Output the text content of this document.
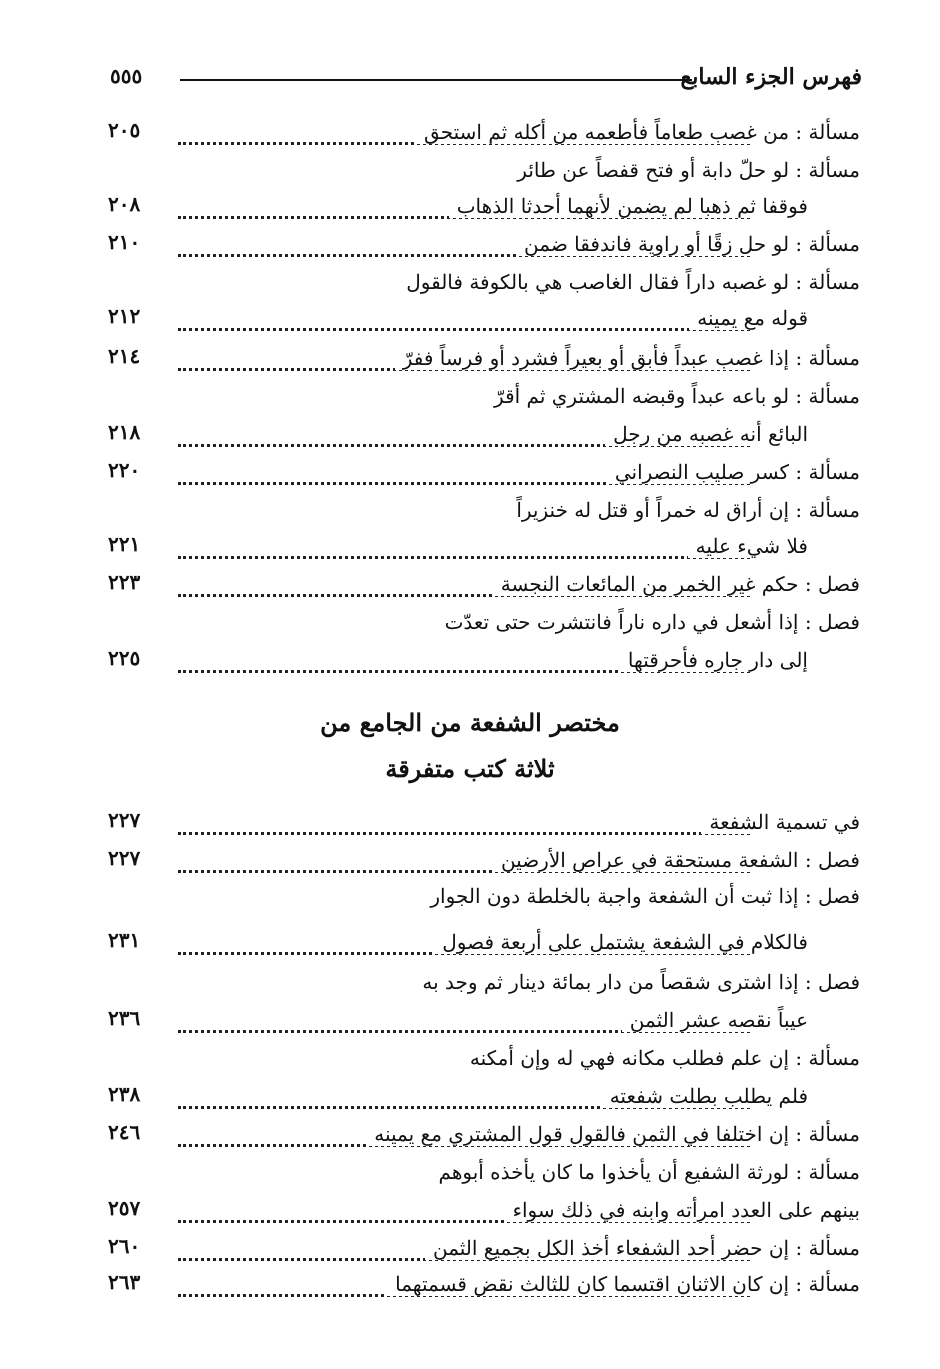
فهرس الجزء السابع
٥٥٥
مسألة : من غصب طعاماً فأطعمه من أكله ثم استحق
٢٠٥
مسألة : لو حلّ دابة أو فتح قفصاً عن طائر
فوقفا ثم ذهبا لم يضمن لأنهما أحدثا الذهاب
٢٠٨
مسألة : لو حل زقًا أو راوية فاندفقا ضمن
٢١٠
مسألة : لو غصبه داراً فقال الغاصب هي بالكوفة فالقول
قوله مع يمينه
٢١٢
مسألة : إذا غصب عبداً فأبق أو بعيراً فشرد أو فرساً ففرّ
٢١٤
مسألة : لو باعه عبداً وقبضه المشتري ثم أقرّ
البائع أنه غصبه من رجل
٢١٨
مسألة : كسر صليب النصراني
٢٢٠
مسألة : إن أراق له خمراً أو قتل له خنزيراً
فلا شيء عليه
٢٢١
فصل : حكم غير الخمر من المائعات النجسة
٢٢٣
فصل : إذا أشعل في داره ناراً فانتشرت حتى تعدّت
إلى دار جاره فأحرقتها
٢٢٥
مختصر الشفعة من الجامع من
ثلاثة كتب متفرقة
في تسمية الشفعة
٢٢٧
فصل : الشفعة مستحقة في عراص الأرضين
٢٢٧
فصل : إذا ثبت أن الشفعة واجبة بالخلطة دون الجوار
فالكلام في الشفعة يشتمل على أربعة فصول
٢٣١
فصل : إذا اشترى شقصاً من دار بمائة دينار ثم وجد به
عيباً نقصه عشر الثمن
٢٣٦
مسألة : إن علم فطلب مكانه فهي له وإن أمكنه
فلم يطلب بطلت شفعته
٢٣٨
مسألة : إن اختلفا في الثمن فالقول قول المشتري مع يمينه
٢٤٦
مسألة : لورثة الشفيع أن يأخذوا ما كان يأخذه أبوهم
بينهم على العدد امرأته وابنه في ذلك سواء
٢٥٧
مسألة : إن حضر أحد الشفعاء أخذ الكل بجميع الثمن
٢٦٠
مسألة : إن كان الاثنان اقتسما كان للثالث نقض قسمتهما
٢٦٣
